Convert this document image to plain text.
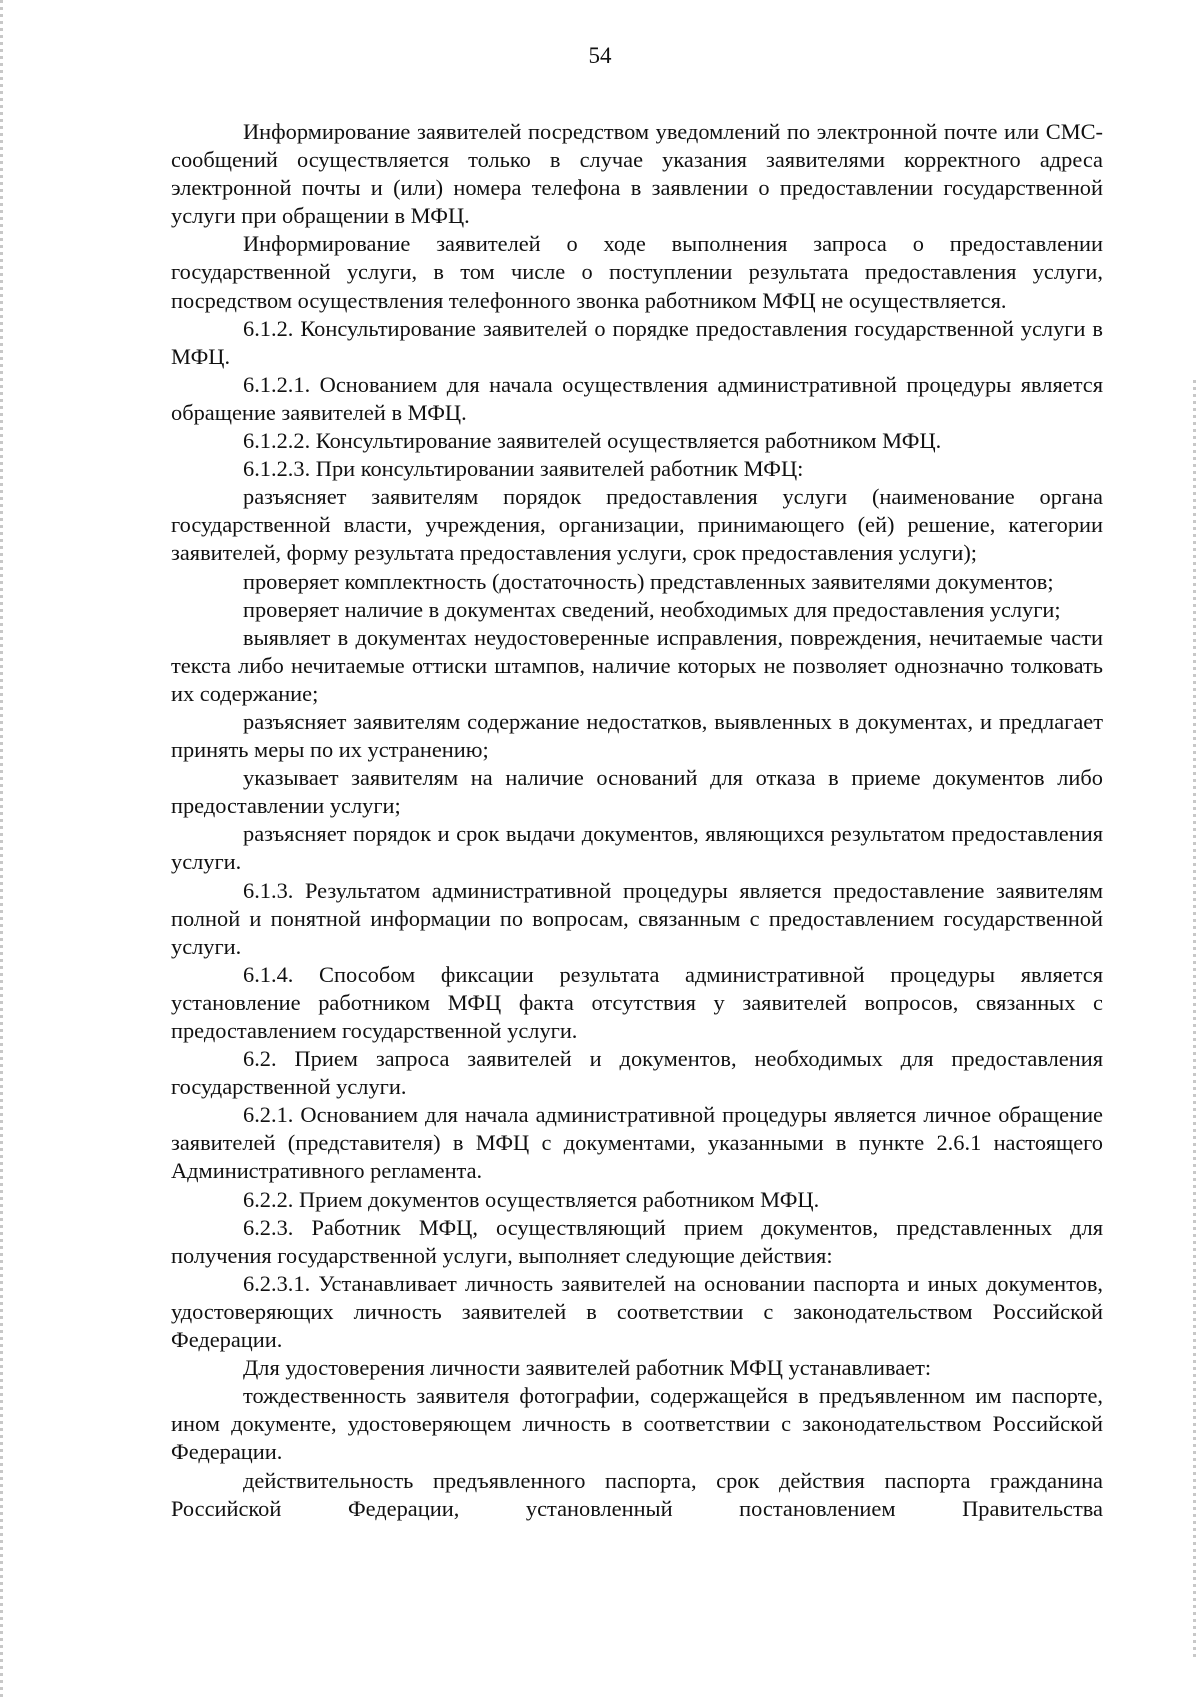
54

Информирование заявителей посредством уведомлений по электронной почте или СМС-сообщений осуществляется только в случае указания заявителями корректного адреса электронной почты и (или) номера телефона в заявлении о предоставлении государственной услуги при обращении в МФЦ.

Информирование заявителей о ходе выполнения запроса о предоставлении государственной услуги, в том числе о поступлении результата предоставления услуги, посредством осуществления телефонного звонка работником МФЦ не осуществляется.

6.1.2. Консультирование заявителей о порядке предоставления государственной услуги в МФЦ.

6.1.2.1. Основанием для начала осуществления административной процедуры является обращение заявителей в МФЦ.

6.1.2.2. Консультирование заявителей осуществляется работником МФЦ.

6.1.2.3. При консультировании заявителей работник МФЦ:

разъясняет заявителям порядок предоставления услуги (наименование органа государственной власти, учреждения, организации, принимающего (ей) решение, категории заявителей, форму результата предоставления услуги, срок предоставления услуги);

проверяет комплектность (достаточность) представленных заявителями документов;

проверяет наличие в документах сведений, необходимых для предоставления услуги;

выявляет в документах неудостоверенные исправления, повреждения, нечитаемые части текста либо нечитаемые оттиски штампов, наличие которых не позволяет однозначно толковать их содержание;

разъясняет заявителям содержание недостатков, выявленных в документах, и предлагает принять меры по их устранению;

указывает заявителям на наличие оснований для отказа в приеме документов либо предоставлении услуги;

разъясняет порядок и срок выдачи документов, являющихся результатом предоставления услуги.

6.1.3. Результатом административной процедуры является предоставление заявителям полной и понятной информации по вопросам, связанным с предоставлением государственной услуги.

6.1.4. Способом фиксации результата административной процедуры является установление работником МФЦ факта отсутствия у заявителей вопросов, связанных с предоставлением государственной услуги.

6.2. Прием запроса заявителей и документов, необходимых для предоставления государственной услуги.

6.2.1. Основанием для начала административной процедуры является личное обращение заявителей (представителя) в МФЦ с документами, указанными в пункте 2.6.1 настоящего Административного регламента.

6.2.2. Прием документов осуществляется работником МФЦ.

6.2.3. Работник МФЦ, осуществляющий прием документов, представленных для получения государственной услуги, выполняет следующие действия:

6.2.3.1. Устанавливает личность заявителей на основании паспорта и иных документов, удостоверяющих личность заявителей в соответствии с законодательством Российской Федерации.

Для удостоверения личности заявителей работник МФЦ устанавливает:

тождественность заявителя фотографии, содержащейся в предъявленном им паспорте, ином документе, удостоверяющем личность в соответствии с законодательством Российской Федерации.

действительность предъявленного паспорта, срок действия паспорта гражданина Российской Федерации, установленный постановлением Правительства
